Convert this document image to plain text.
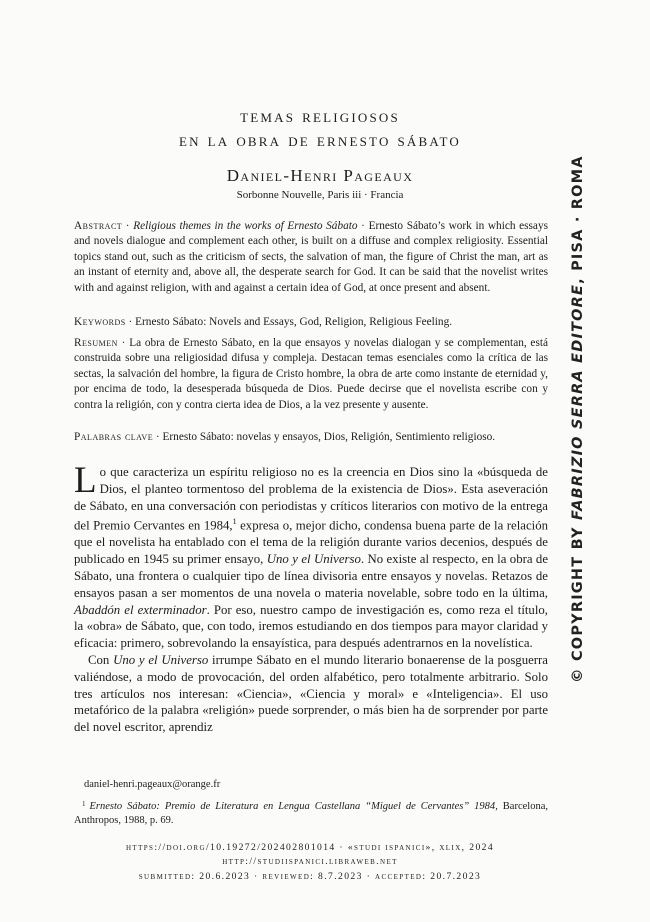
temas religiosos
en la obra de ernesto sábato
Daniel-Henri Pageaux
Sorbonne Nouvelle, Paris iii · Francia
Abstract · Religious themes in the works of Ernesto Sábato · Ernesto Sábato’s work in which essays and novels dialogue and complement each other, is built on a diffuse and complex religiosity. Essential topics stand out, such as the criticism of sects, the salvation of man, the figure of Christ the man, art as an instant of eternity and, above all, the desperate search for God. It can be said that the novelist writes with and against religion, with and against a certain idea of God, at once present and absent.
Keywords · Ernesto Sábato: Novels and Essays, God, Religion, Religious Feeling.
Resumen · La obra de Ernesto Sábato, en la que ensayos y novelas dialogan y se complementan, está construida sobre una religiosidad difusa y compleja. Destacan temas esenciales como la crítica de las sectas, la salvación del hombre, la figura de Cristo hombre, la obra de arte como instante de eternidad y, por encima de todo, la desesperada búsqueda de Dios. Puede decirse que el novelista escribe con y contra la religión, con y contra cierta idea de Dios, a la vez presente y ausente.
Palabras clave · Ernesto Sábato: novelas y ensayos, Dios, Religión, Sentimiento religioso.

Lo que caracteriza un espíritu religioso no es la creencia en Dios sino la «búsqueda de Dios, el planteo tormentoso del problema de la existencia de Dios». Esta aseveración de Sábato, en una conversación con periodistas y críticos literarios con motivo de la entrega del Premio Cervantes en 1984,$^1$ expresa o, mejor dicho, condensa buena parte de la relación que el novelista ha entablado con el tema de la religión durante varios decenios, después de publicado en 1945 su primer ensayo, Uno y el Universo. No existe al respecto, en la obra de Sábato, una frontera o cualquier tipo de línea divisoria entre ensayos y novelas. Retazos de ensayos pasan a ser momentos de una novela o materia novelable, sobre todo en la última, Abaddón el exterminador. Por eso, nuestro campo de investigación es, como reza el título, la «obra» de Sábato, que, con todo, iremos estudiando en dos tiempos para mayor claridad y eficacia: primero, sobrevolando la ensayística, para después adentrarnos en la novelística.

Con Uno y el Universo irrumpe Sábato en el mundo literario bonaerense de la posguerra valiéndose, a modo de provocación, del orden alfabético, pero totalmente arbitrario. Solo tres artículos nos interesan: «Ciencia», «Ciencia y moral» e «Inteligencia». El uso metafórico de la palabra «religión» puede sorprender, o más bien ha de sorprender por parte del novel escritor, aprendiz

daniel-henri.pageaux@orange.fr
$^1$ Ernesto Sábato: Premio de Literatura en Lengua Castellana “Miguel de Cervantes” 1984, Barcelona, Anthropos, 1988, p. 69.
https://doi.org/10.19272/202402801014 · «studi ispanici», xlix, 2024
http://studiispanici.libraweb.net
submitted: 20.6.2023 · reviewed: 8.7.2023 · accepted: 20.7.2023
© COPYRIGHT BY FABRIZIO SERRA EDITORE, PISA · ROMA
